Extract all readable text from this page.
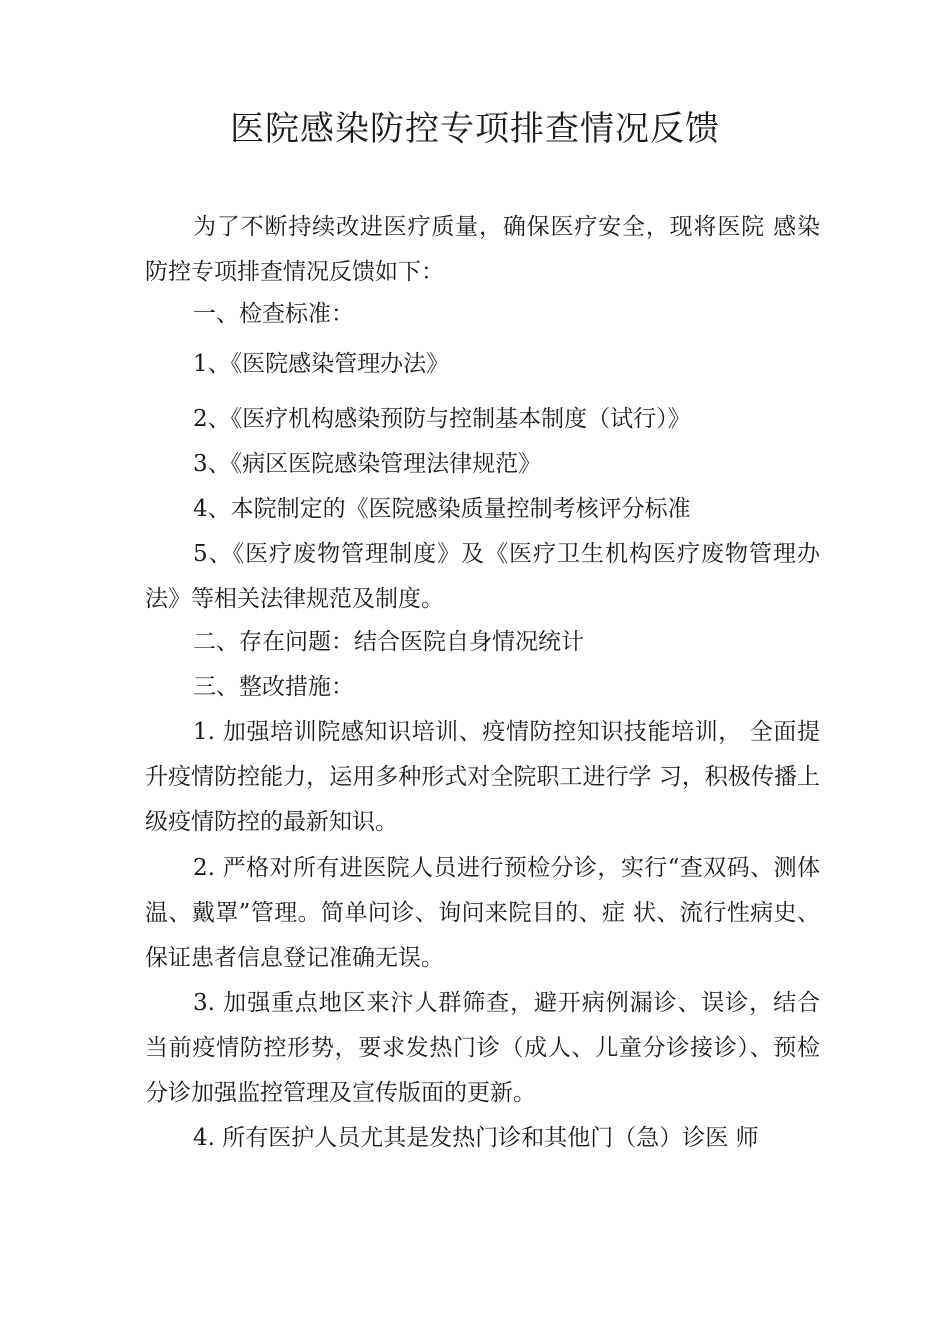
医院感染防控专项排查情况反馈
为了不断持续改进医疗质量，确保医疗安全，现将医院 感染防控专项排查情况反馈如下：
一、检查标准：
1、《医院感染管理办法》
2、《医疗机构感染预防与控制基本制度（试行）》
3、《病区医院感染管理法律规范》
4、本院制定的《医院感染质量控制考核评分标准
5、《医疗废物管理制度》及《医疗卫生机构医疗废物管理办法》等相关法律规范及制度。
二、存在问题：结合医院自身情况统计
三、整改措施：
1. 加强培训院感知识培训、疫情防控知识技能培训， 全面提升疫情防控能力，运用多种形式对全院职工进行学 习，积极传播上级疫情防控的最新知识。
2. 严格对所有进医院人员进行预检分诊，实行“查双码、测体温、戴罩”管理。简单问诊、询问来院目的、症 状、流行性病史、保证患者信息登记准确无误。
3. 加强重点地区来汴人群筛查，避开病例漏诊、误诊，结合当前疫情防控形势，要求发热门诊（成人、儿童分诊接诊）、预检分诊加强监控管理及宣传版面的更新。
4. 所有医护人员尤其是发热门诊和其他门（急）诊医 师
